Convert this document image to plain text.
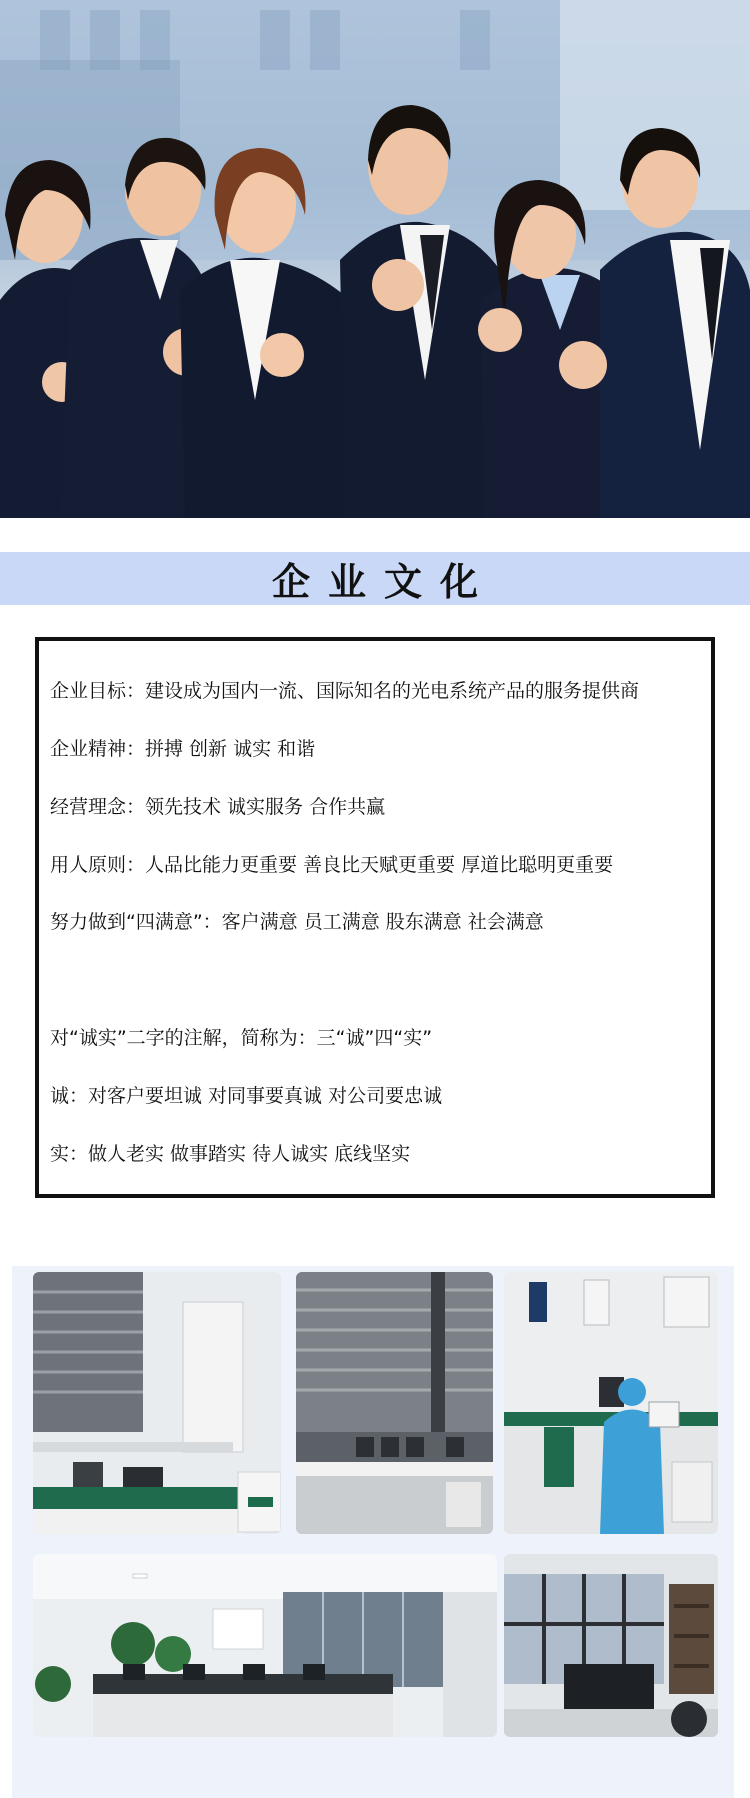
企业文化
企业目标：建设成为国内一流、国际知名的光电系统产品的服务提供商
企业精神：拼搏 创新 诚实 和谐
经营理念：领先技术 诚实服务 合作共赢
用人原则：人品比能力更重要 善良比天赋更重要 厚道比聪明更重要
努力做到“四满意”：客户满意 员工满意 股东满意 社会满意
对“诚实”二字的注解，简称为：三“诚”四“实”
诚：对客户要坦诚 对同事要真诚 对公司要忠诚
实：做人老实 做事踏实 待人诚实 底线坚实
